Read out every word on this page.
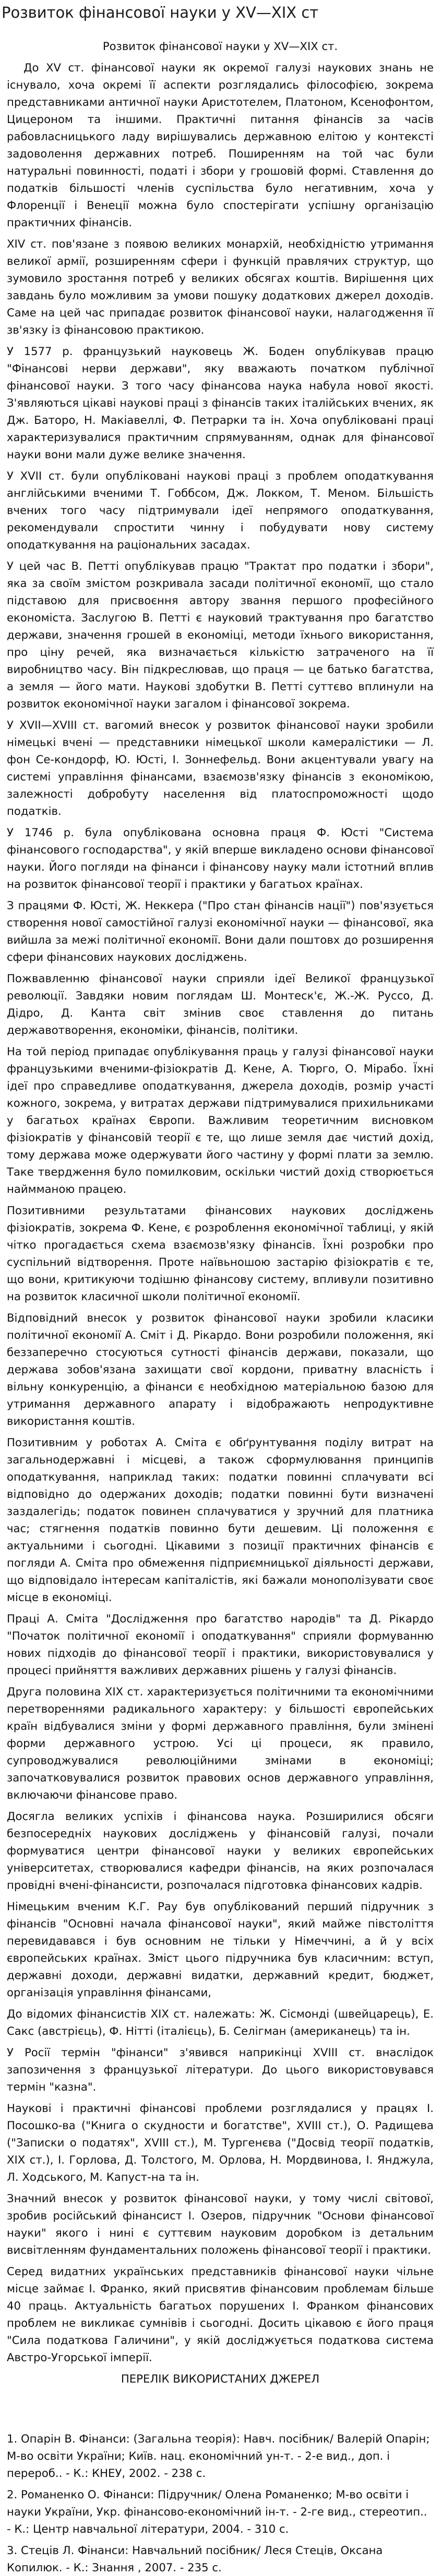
Розвиток фінансової науки у XV—XIX ст

Розвиток фінансової науки у XV—XIX ст.

До XV ст. фінансової науки як окремої галузі наукових знань не існувало, хоча окремі її аспекти розглядались філософією, зокрема представниками античної науки Аристотелем, Платоном, Ксенофонтом, Цицероном та іншими. Практичні питання фінансів за часів рабовласницького ладу вирішувались державною елітою у контексті задоволення державних потреб. Поширенням на той час були натуральні повинності, податі і збори у грошовій формі. Ставлення до податків більшості членів суспільства було негативним, хоча у Флоренції і Венеції можна було спостерігати успішну організацію практичних фінансів.

XIV ст. пов'язане з появою великих монархій, необхідністю утримання великої армії, розширенням сфери і функцій правлячих структур, що зумовило зростання потреб у великих обсягах коштів. Вирішення цих завдань було можливим за умови пошуку додаткових джерел доходів. Саме на цей час припадає розвиток фінансової науки, налагодження її зв'язку із фінансовою практикою.

У 1577 р. французький науковець Ж. Боден опублікував працю "Фінансові нерви держави", яку вважають початком публічної фінансової науки. З того часу фінансова наука набула нової якості. З'являються цікаві наукові праці з фінансів таких італійських вчених, як Дж. Баторо, Н. Макіавеллі, Ф. Петрарки та ін. Хоча опубліковані праці характеризувалися практичним спрямуванням, однак для фінансової науки вони мали дуже велике значення.

У XVII ст. були опубліковані наукові праці з проблем оподаткування англійськими вченими Т. Гоббсом, Дж. Локком, Т. Меном. Більшість вчених того часу підтримували ідеї непрямого оподаткування, рекомендували спростити чинну і побудувати нову систему оподаткування на раціональних засадах.

У цей час В. Петті опублікував працю "Трактат про податки і збори", яка за своїм змістом розкривала засади політичної економії, що стало підставою для присвоєння автору звання першого професійного економіста. Заслугою В. Петті є науковий трактування про багатство держави, значення грошей в економіці, методи їхнього використання, про ціну речей, яка визначається кількістю затраченого на її виробництво часу. Він підкреслював, що праця — це батько багатства, а земля — його мати. Наукові здобутки В. Петті суттєво вплинули на розвиток економічної науки загалом і фінансової зокрема.

У XVII—XVIII ст. вагомий внесок у розвиток фінансової науки зробили німецькі вчені — представники німецької школи камералістики — Л. фон Се-кондорф, Ю. Юсті, І. Зоннефельд. Вони акцентували увагу на системі управління фінансами, взаємозв'язку фінансів з економікою, залежності добробуту населення від платоспроможності щодо податків.

У 1746 р. була опублікована основна праця Ф. Юсті "Система фінансового господарства", у якій вперше викладено основи фінансової науки. Його погляди на фінанси і фінансову науку мали істотний вплив на розвиток фінансової теорії і практики у багатьох країнах.

З працями Ф. Юсті, Ж. Неккера ("Про стан фінансів нації") пов'язується створення нової самостійної галузі економічної науки — фінансової, яка вийшла за межі політичної економії. Вони дали поштовх до розширення сфери фінансових наукових досліджень.

Пожвавленню фінансової науки сприяли ідеї Великої французької революції. Завдяки новим поглядам Ш. Монтеск'є, Ж.-Ж. Руссо, Д. Дідро, Д. Канта світ змінив своє ставлення до питань державотворення, економіки, фінансів, політики.

На той період припадає опублікування праць у галузі фінансової науки французькими вченими-фізіократів Д. Кене, А. Тюрго, О. Мірабо. Їхні ідеї про справедливе оподаткування, джерела доходів, розмір участі кожного, зокрема, у витратах держави підтримувалися прихильниками у багатьох країнах Європи. Важливим теоретичним висновком фізіократів у фінансовій теорії є те, що лише земля дає чистий дохід, тому держава може одержувати його частину у формі плати за землю. Таке твердження було помилковим, оскільки чистий дохід створюється наймманою працею.

Позитивними результатами фінансових наукових досліджень фізіократів, зокрема Ф. Кене, є розроблення економічної таблиці, у якій чітко прогадається схема взаємозв'язку фінансів. Їхні розробки про суспільний відтворення. Проте наївьношою застарію фізіократів є те, що вони, критикуючи тодішню фінансову систему, впливули позитивно на розвиток класичної школи політичної економії.

Відповідний внесок у розвиток фінансової науки зробили класики політичної економії А. Сміт і Д. Рікардо. Вони розробили положення, які беззаперечно стосуються сутності фінансів держави, показали, що держава зобов'язана захищати свої кордони, приватну власність і вільну конкуренцію, а фінанси є необхідною матеріальною базою для утримання державного апарату і відображають непродуктивне використання коштів.

Позитивним у роботах А. Сміта є обґрунтування поділу витрат на загальнодержавні і місцеві, а також сформулювання принципів оподаткування, наприклад таких: податки повинні сплачувати всі відповідно до одержаних доходів; податки повинні бути визначені заздалегідь; податок повинен сплачуватися у зручний для платника час; стягнення податків повинно бути дешевим. Ці положення є актуальними і сьогодні. Цікавими з позиції практичних фінансів є погляди А. Сміта про обмеження підприємницької діяльності держави, що відповідало інтересам капіталістів, які бажали монополізувати своє місце в економіці.

Праці А. Сміта "Дослідження про багатство народів" та Д. Рікардо "Початок політичної економії і оподаткування" сприяли формуванню нових підходів до фінансової теорії і практики, використовувалися у процесі прийняття важливих державних рішень у галузі фінансів.

Друга половина XIX ст. характеризується політичними та економічними перетвореннями радикального характеру: у більшості європейських країн відбувалися зміни у формі державного правління, були змінені форми державного устрою. Усі ці процеси, як правило, супроводжувалися революційними змінами в економіці; започатковувалися розвиток правових основ державного управління, включаючи фінансове право.

Досягла великих успіхів і фінансова наука. Розширилися обсяги безпосередніх наукових досліджень у фінансовій галузі, почали формуватися центри фінансової науки у великих європейських університетах, створювалися кафедри фінансів, на яких розпочалася провідні вчені-фінансисти, розпочалася підготовка фінансових кадрів.

Німецьким вченим К.Г. Рау був опублікований перший підручник з фінансів "Основні начала фінансової науки", який майже півстоліття перевидавався і був основним не тільки у Німеччині, а й у всіх європейських країнах. Зміст цього підручника був класичним: вступ, державні доходи, державні видатки, державний кредит, бюджет, організація управління фінансами,

До відомих фінансистів XIX ст. належать: Ж. Сісмонді (швейцарець), Е. Сакс (австрієць), Ф. Нітті (італієць), Б. Селігман (американець) та ін.

У Росії термін "фінанси" з'явився наприкінці XVIII ст. внаслідок запозичення з французької літератури. До цього використовувався термін "казна".

Наукові і практичні фінансові проблеми розглядалися у працях І. Посошко-ва ("Книга о скудности и богатстве", XVIII ст.), О. Радищева ("Записки о податях", XVIII ст.), М. Тургенєва ("Досвід теорії податків, XIX ст.), І. Горлова, Д. Толстого, М. Орлова, Н. Мордвинова, І. Янджула, Л. Ходського, М. Капуст-на та ін.

Значний внесок у розвиток фінансової науки, у тому числі світової, зробив російський фінансист І. Озеров, підручник "Основи фінансової науки" якого і нині є суттєвим науковим доробком із детальним висвітленням фундаментальних положень фінансової теорії і практики.

Серед видатних українських представників фінансової науки чільне місце займає І. Франко, який присвятив фінансовим проблемам більше 40 праць. Актуальність багатьох порушених І. Франком фінансових проблем не викликає сумнівів і сьогодні. Досить цікавою є його праця "Сила податкова Галичини", у якій досліджується податкова система Австро-Угорської імперії.

ПЕРЕЛІК ВИКОРИСТАНИХ ДЖЕРЕЛ

1. Опарін В. Фінанси: (Загальна теорія): Навч. посібник/ Валерій Опарін; М-во освіти України; Київ. нац. економічний ун-т. - 2-е вид., доп. і перероб.. - К.: КНЕУ, 2002. - 238 с.

2. Романенко О. Фінанси: Підручник/ Олена Романенко; М-во освіти і науки України, Укр. фінансово-економічний ін-т. - 2-ге вид., стереотип.. - К.: Центр навчальної літератури, 2004. - 310 с.

3. Стеців Л. Фінанси: Навчальний посібник/ Леся Стеців, Оксана Копилюк. - К.: Знання , 2007. - 235 с.
